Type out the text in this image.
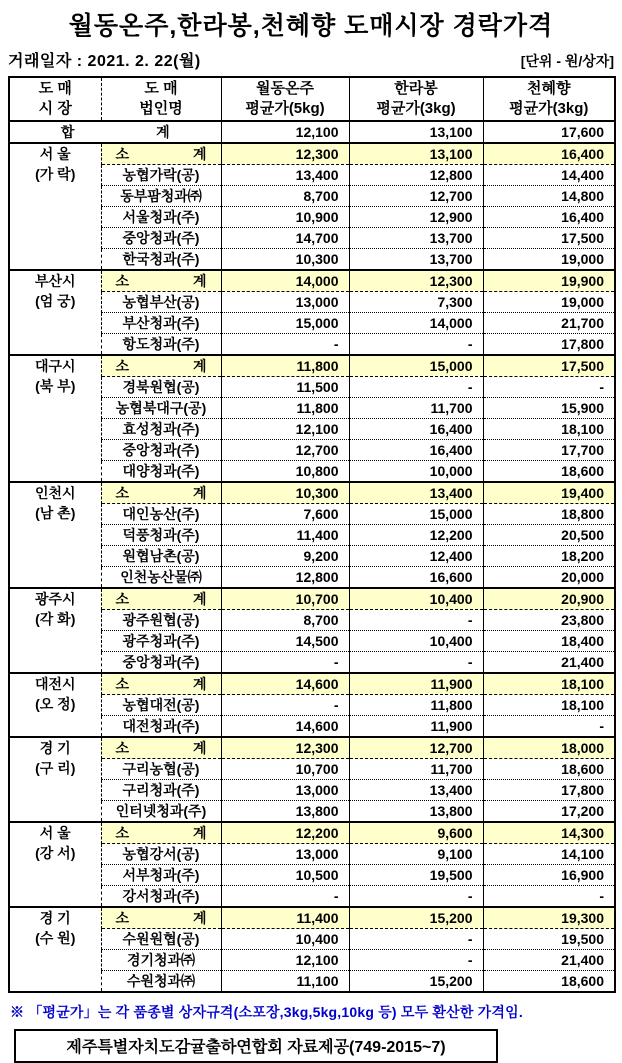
월동온주,한라봉,천혜향 도매시장 경락가격
거래일자 : 2021. 2. 22(월)	[단위 - 원/상자]
도 매
시 장

도 매
법인명

월동온주
평균가(5kg)

한라봉
평균가(3kg)

천혜향
평균가(3kg)

합 계		12,100	13,100	17,600

서 울
(가 락)

소	계	12,300	13,100	16,400
	농협가락(공)	13,400	12,800	14,400
	동부팜청과㈜	8,700	12,700	14,800
	서울청과(주)	10,900	12,900	16,400
	중앙청과(주)	14,700	13,700	17,500
	한국청과(주)	10,300	13,700	19,000

부산시
(엄 궁)

소	계	14,000	12,300	19,900
	농협부산(공)	13,000	7,300	19,000
	부산청과(주)	15,000	14,000	21,700
	항도청과(주)	-	-	17,800

대구시
(북 부)

소	계	11,800	15,000	17,500
	경북원협(공)	11,500	-	-
	농협북대구(공)	11,800	11,700	15,900
	효성청과(주)	12,100	16,400	18,100
	중앙청과(주)	12,700	16,400	17,700
	대양청과(주)	10,800	10,000	18,600

인천시
(남 촌)

소	계	10,300	13,400	19,400
	대인농산(주)	7,600	15,000	18,800
	덕풍청과(주)	11,400	12,200	20,500
	원협남촌(공)	9,200	12,400	18,200
	인천농산물㈜	12,800	16,600	20,000

광주시
(각 화)

소	계	10,700	10,400	20,900
	광주원협(공)	8,700	-	23,800
	광주청과(주)	14,500	10,400	18,400
	중앙청과(주)	-	-	21,400

대전시
(오 정)

소	계	14,600	11,900	18,100
	농협대전(공)	-	11,800	18,100
	대전청과(주)	14,600	11,900	-

경 기
(구 리)

소	계	12,300	12,700	18,000
	구리농협(공)	10,700	11,700	18,600
	구리청과(주)	13,000	13,400	17,800
	인터넷청과(주)	13,800	13,800	17,200

서 울
(강 서)

소	계	12,200	9,600	14,300
	농협강서(공)	13,000	9,100	14,100
	서부청과(주)	10,500	19,500	16,900
	강서청과(주)	-	-	-

경 기
(수 원)

소	계	11,400	15,200	19,300
	수원원협(공)	10,400	-	19,500
	경기청과㈜	12,100	-	21,400
	수원청과㈜	11,100	15,200	18,600
※ 「평균가」는 각 품종별 상자규격(소포장,3kg,5kg,10kg 등) 모두 환산한 가격임.
제주특별자치도감귤출하연합회 자료제공(749-2015~7)
